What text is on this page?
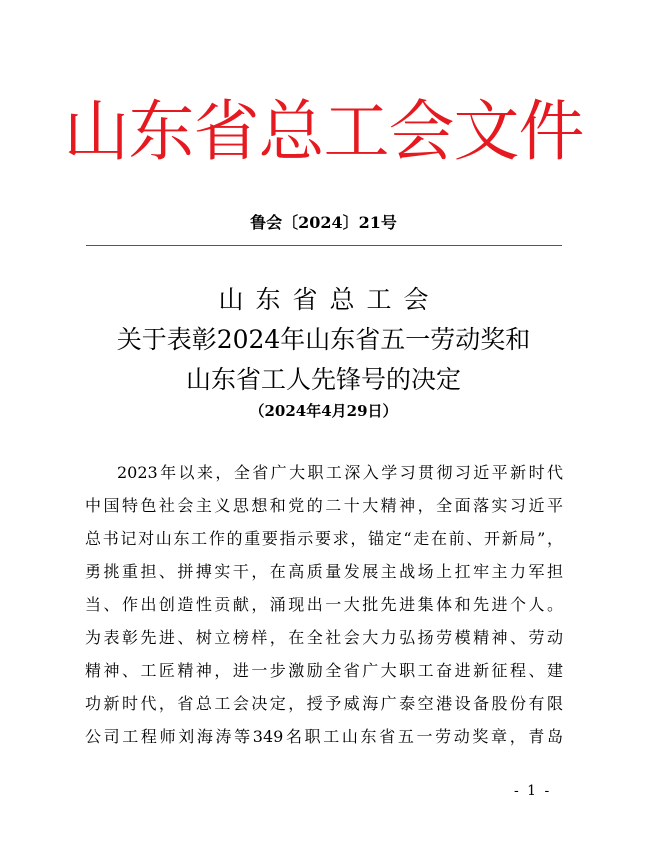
山东省总工会文件
鲁会〔2024〕21号
山东省总工会
关于表彰2024年山东省五一劳动奖和
山东省工人先锋号的决定
（2024年4月29日）
2023年以来，全省广大职工深入学习贯彻习近平新时代
中国特色社会主义思想和党的二十大精神，全面落实习近平
总书记对山东工作的重要指示要求，锚定“走在前、开新局”，
勇挑重担、拼搏实干，在高质量发展主战场上扛牢主力军担
当、作出创造性贡献，涌现出一大批先进集体和先进个人。
为表彰先进、树立榜样，在全社会大力弘扬劳模精神、劳动
精神、工匠精神，进一步激励全省广大职工奋进新征程、建
功新时代，省总工会决定，授予威海广泰空港设备股份有限
公司工程师刘海涛等349名职工山东省五一劳动奖章，青岛
- 1 -
